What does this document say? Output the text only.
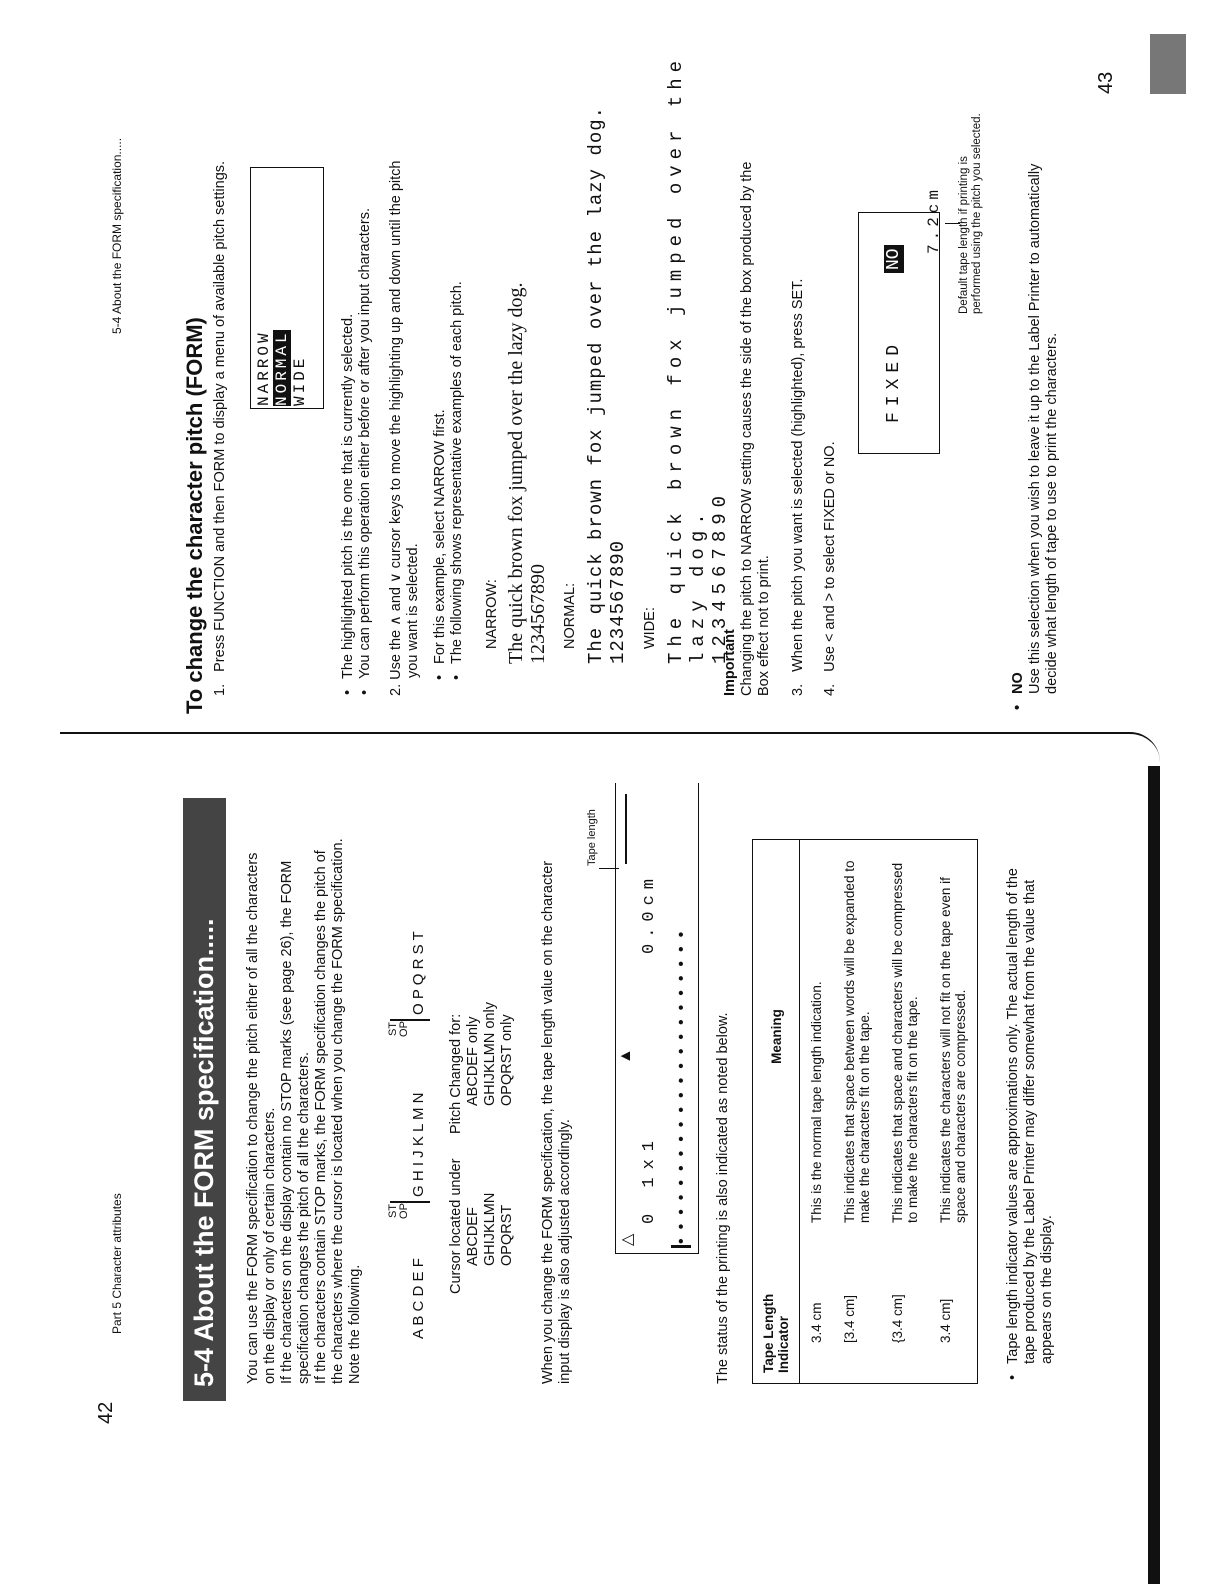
Part 5 Character attributes
42
5-4 About the FORM specification.....	You can use the FORM specification to change the pitch either of all the characters on the display or only of certain characters. If the characters on the display contain no STOP marks (see page 26), the FORM specification changes the pitch of all the characters. If the characters contain STOP marks, the FORM specification changes the pitch of the characters where the cursor is located when you change the FORM specification. Note the following.	A B C D E F
ST OP
G H I J K L M N
ST OP
O P Q R S T
Cursor located under
Pitch Changed for:
ABCDEF
ABCDEF only
GHIJKLMN
GHIJKLMN only
OPQRST
OPQRST only When you change the FORM specification, the tape length value on the character input display is also adjusted accordingly.
Tape length
△
▲
0 1x1
0.0cm
•••••••••••••••••••••• The status of the printing is also indicated as noted below. Tape Length Indicator	Meaning
3.4 cm	This is the normal tape length indication.
[3.4 cm]	This indicates that space between words will be expanded to make the characters fit on the tape.
{3.4 cm]	This indicates that space and characters will be compressed to make the characters fit on the tape.
3.4 cm]	This indicates the characters will not fit on the tape even if space and characters are compressed.	• Tape length indicator values are approximations only. The actual length of the tape produced by the Label Printer may differ somewhat from the value that appears on the display.
5-4 About the FORM specification.....
43
To change the character pitch (FORM) 1. Press FUNCTION and then FORM to display a menu of available pitch settings. NARROW NORMAL WIDE • The highlighted pitch is the one that is currently selected. • You can perform this operation either before or after you input characters.
2. Use the ∧ and ∨ cursor keys to move the highlighting up and down until the pitch you want is selected. • For this example, select NARROW first. • The following shows representative examples of each pitch. NARROW: The quick brown fox jumped over the lazy dog. 1234567890 NORMAL: The quick brown fox jumped over the lazy dog. 1234567890 WIDE: The quick brown fox jumped over the lazy dog. 1234567890
Important Changing the pitch to NARROW setting causes the side of the box produced by the Box effect not to print. 3. When the pitch you want is selected (highlighted), press SET.
4. Use < and > to select FIXED or NO.
FIXED
NO
7.2cm Default tape length if printing is performed using the pitch you selected.
• NO Use this selection when you wish to leave it up to the Label Printer to automatically decide what length of tape to use to print the characters.
